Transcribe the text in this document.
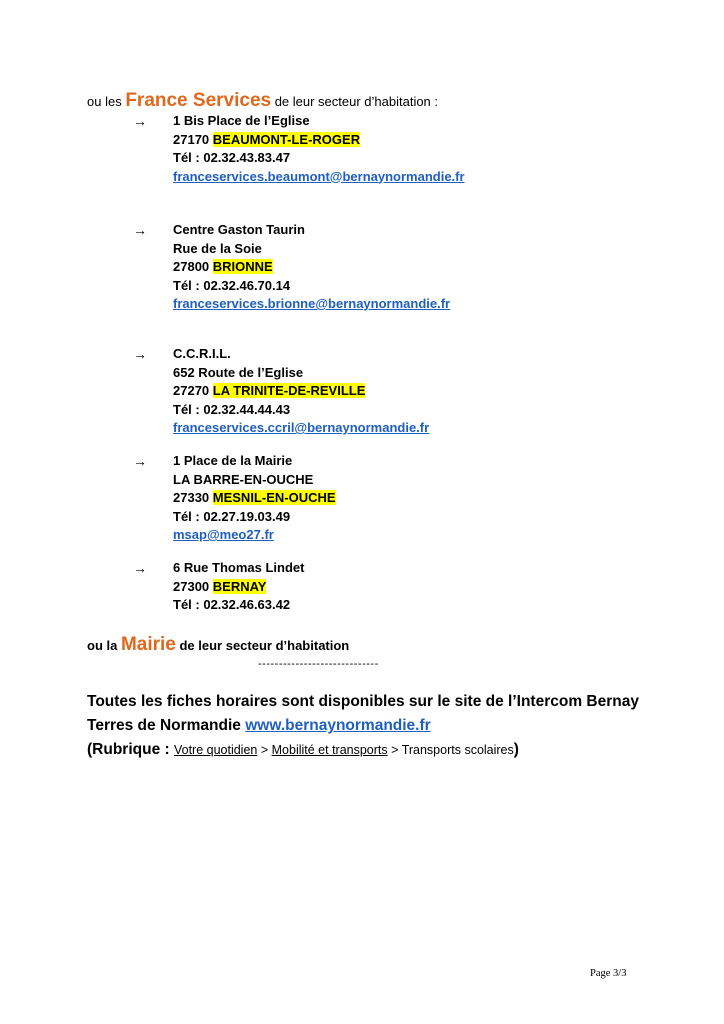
ou les France Services de leur secteur d’habitation :
→ 1 Bis Place de l’Eglise
27170 BEAUMONT-LE-ROGER
Tél : 02.32.43.83.47
franceservices.beaumont@bernaynormandie.fr
→ Centre Gaston Taurin
Rue de la Soie
27800 BRIONNE
Tél : 02.32.46.70.14
franceservices.brionne@bernaynormandie.fr
→ C.C.R.I.L.
652 Route de l’Eglise
27270 LA TRINITE-DE-REVILLE
Tél : 02.32.44.44.43
franceservices.ccril@bernaynormandie.fr
→ 1 Place de la Mairie
LA BARRE-EN-OUCHE
27330 MESNIL-EN-OUCHE
Tél : 02.27.19.03.49
msap@meo27.fr
→ 6 Rue Thomas Lindet
27300 BERNAY
Tél : 02.32.46.63.42
ou la Mairie de leur secteur d’habitation
-----------------------------
Toutes les fiches horaires sont disponibles sur le site de l’Intercom Bernay
Terres de Normandie www.bernaynormandie.fr
(Rubrique : Votre quotidien > Mobilité et transports > Transports scolaires)
Page 3/3
